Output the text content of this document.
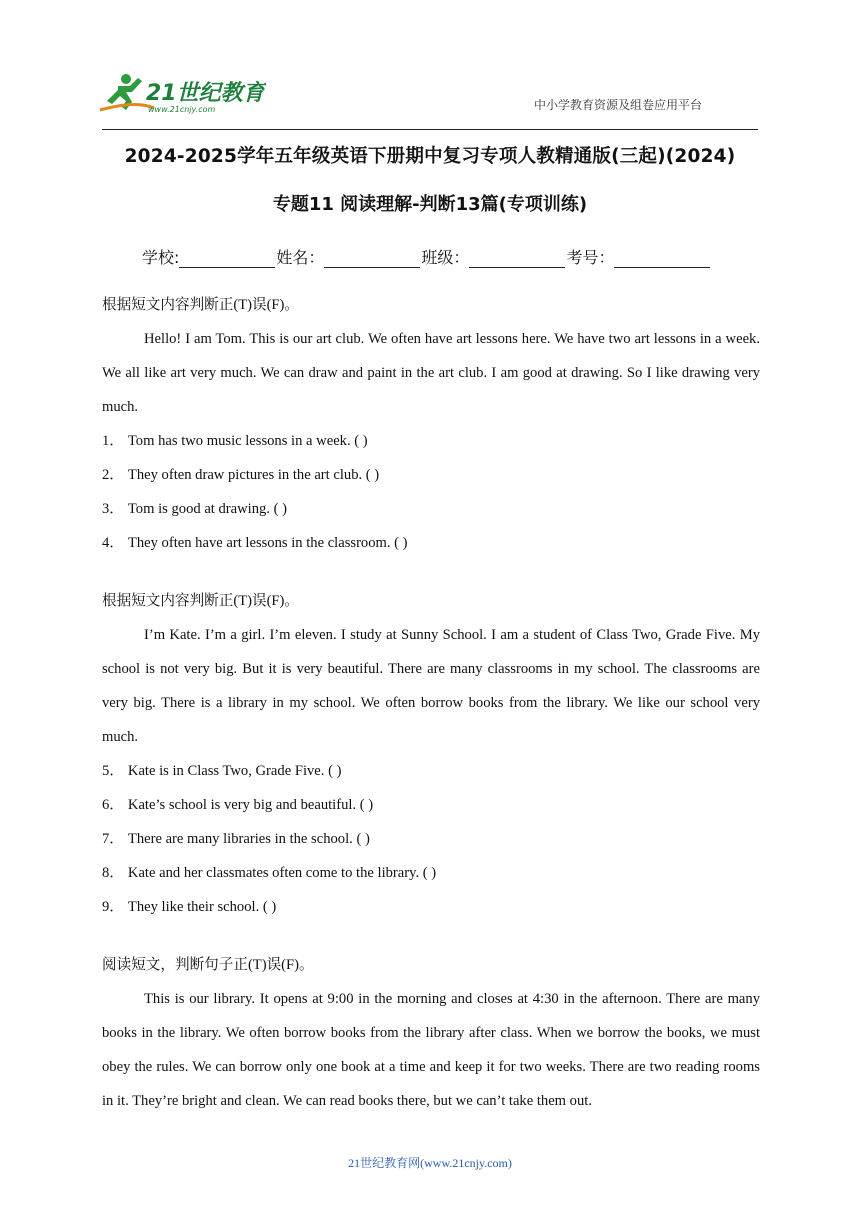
21世纪教育
www.21cnjy.com	中小学教育资源及组卷应用平台
2024-2025学年五年级英语下册期中复习专项人教精通版(三起)(2024)
专题11 阅读理解-判断13篇(专项训练)
学校:	姓名：	班级：	考号：
根据短文内容判断正(T)误(F)。

Hello! I am Tom. This is our art club. We often have art lessons here. We have two art lessons in a week. We all like art very much. We can draw and paint in the art club. I am good at drawing. So I like drawing very much.

1． Tom has two music lessons in a week. ( )
2． They often draw pictures in the art club. ( )
3． Tom is good at drawing. ( )
4． They often have art lessons in the classroom. ( )
根据短文内容判断正(T)误(F)。

I’m Kate. I’m a girl. I’m eleven. I study at Sunny School. I am a student of Class Two, Grade Five. My school is not very big. But it is very beautiful. There are many classrooms in my school. The classrooms are very big. There is a library in my school. We often borrow books from the library. We like our school very much.

5． Kate is in Class Two, Grade Five. ( )
6． Kate’s school is very big and beautiful. ( )
7． There are many libraries in the school. ( )
8． Kate and her classmates often come to the library. ( )
9． They like their school. ( )
阅读短文，判断句子正(T)误(F)。

This is our library. It opens at 9:00 in the morning and closes at 4:30 in the afternoon. There are many books in the library. We often borrow books from the library after class. When we borrow the books, we must obey the rules. We can borrow only one book at a time and keep it for two weeks. There are two reading rooms in it. They’re bright and clean. We can read books there, but we can’t take them out.

21世纪教育网(www.21cnjy.com)
